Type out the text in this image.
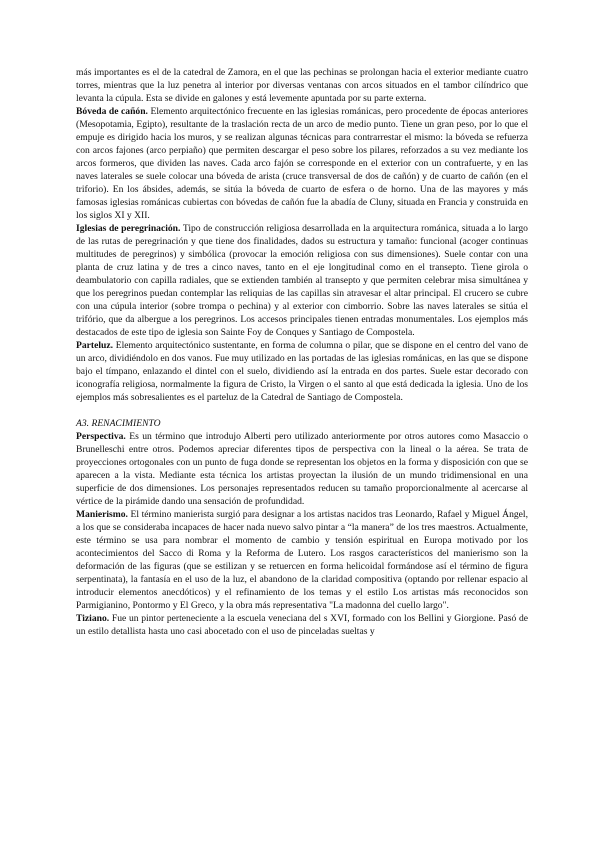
más importantes es el de la catedral de Zamora, en el que las pechinas se prolongan hacia el exterior mediante cuatro torres, mientras que la luz penetra al interior por diversas ventanas con arcos situados en el tambor cilíndrico que levanta la cúpula. Esta se divide en galones y está levemente apuntada por su parte externa.

Bóveda de cañón. Elemento arquitectónico frecuente en las iglesias románicas, pero procedente de épocas anteriores (Mesopotamia, Egipto), resultante de la traslación recta de un arco de medio punto. Tiene un gran peso, por lo que el empuje es dirigido hacia los muros, y se realizan algunas técnicas para contrarrestar el mismo: la bóveda se refuerza con arcos fajones (arco perpiaño) que permiten descargar el peso sobre los pilares, reforzados a su vez mediante los arcos formeros, que dividen las naves. Cada arco fajón se corresponde en el exterior con un contrafuerte, y en las naves laterales se suele colocar una bóveda de arista (cruce transversal de dos de cañón) y de cuarto de cañón (en el triforio). En los ábsides, además, se sitúa la bóveda de cuarto de esfera o de horno. Una de las mayores y más famosas iglesias románicas cubiertas con bóvedas de cañón fue la abadía de Cluny, situada en Francia y construida en los siglos XI y XII.

Iglesias de peregrinación. Tipo de construcción religiosa desarrollada en la arquitectura románica, situada a lo largo de las rutas de peregrinación y que tiene dos finalidades, dados su estructura y tamaño: funcional (acoger continuas multitudes de peregrinos) y simbólica (provocar la emoción religiosa con sus dimensiones). Suele contar con una planta de cruz latina y de tres a cinco naves, tanto en el eje longitudinal como en el transepto. Tiene girola o deambulatorio con capilla radiales, que se extienden también al transepto y que permiten celebrar misa simultánea y que los peregrinos puedan contemplar las reliquias de las capillas sin atravesar el altar principal. El crucero se cubre con una cúpula interior (sobre trompa o pechina) y al exterior con cimborrio. Sobre las naves laterales se sitúa el trifório, que da albergue a los peregrinos. Los accesos principales tienen entradas monumentales. Los ejemplos más destacados de este tipo de iglesia son Sainte Foy de Conques y Santiago de Compostela.

Parteluz. Elemento arquitectónico sustentante, en forma de columna o pilar, que se dispone en el centro del vano de un arco, dividiéndolo en dos vanos. Fue muy utilizado en las portadas de las iglesias románicas, en las que se dispone bajo el tímpano, enlazando el dintel con el suelo, dividiendo así la entrada en dos partes. Suele estar decorado con iconografía religiosa, normalmente la figura de Cristo, la Virgen o el santo al que está dedicada la iglesia. Uno de los ejemplos más sobresalientes es el parteluz de la Catedral de Santiago de Compostela.

A3. RENACIMIENTO

Perspectiva. Es un término que introdujo Alberti pero utilizado anteriormente por otros autores como Masaccio o Brunelleschi entre otros. Podemos apreciar diferentes tipos de perspectiva con la lineal o la aérea. Se trata de proyecciones ortogonales con un punto de fuga donde se representan los objetos en la forma y disposición con que se aparecen a la vista. Mediante esta técnica los artistas proyectan la ilusión de un mundo tridimensional en una superficie de dos dimensiones. Los personajes representados reducen su tamaño proporcionalmente al acercarse al vértice de la pirámide dando una sensación de profundidad.

Manierismo. El término manierista surgió para designar a los artistas nacidos tras Leonardo, Rafael y Miguel Ángel, a los que se consideraba incapaces de hacer nada nuevo salvo pintar a “la manera” de los tres maestros. Actualmente, este término se usa para nombrar el momento de cambio y tensión espiritual en Europa motivado por los acontecimientos del Sacco di Roma y la Reforma de Lutero. Los rasgos característicos del manierismo son la deformación de las figuras (que se estilizan y se retuercen en forma helicoidal formándose así el término de figura serpentinata), la fantasía en el uso de la luz, el abandono de la claridad compositiva (optando por rellenar espacio al introducir elementos anecdóticos) y el refinamiento de los temas y el estilo Los artistas más reconocidos son Parmigianino, Pontormo y El Greco, y la obra más representativa "La madonna del cuello largo".

Tiziano. Fue un pintor perteneciente a la escuela veneciana del s XVI, formado con los Bellini y Giorgione. Pasó de un estilo detallista hasta uno casi abocetado con el uso de pinceladas sueltas y
